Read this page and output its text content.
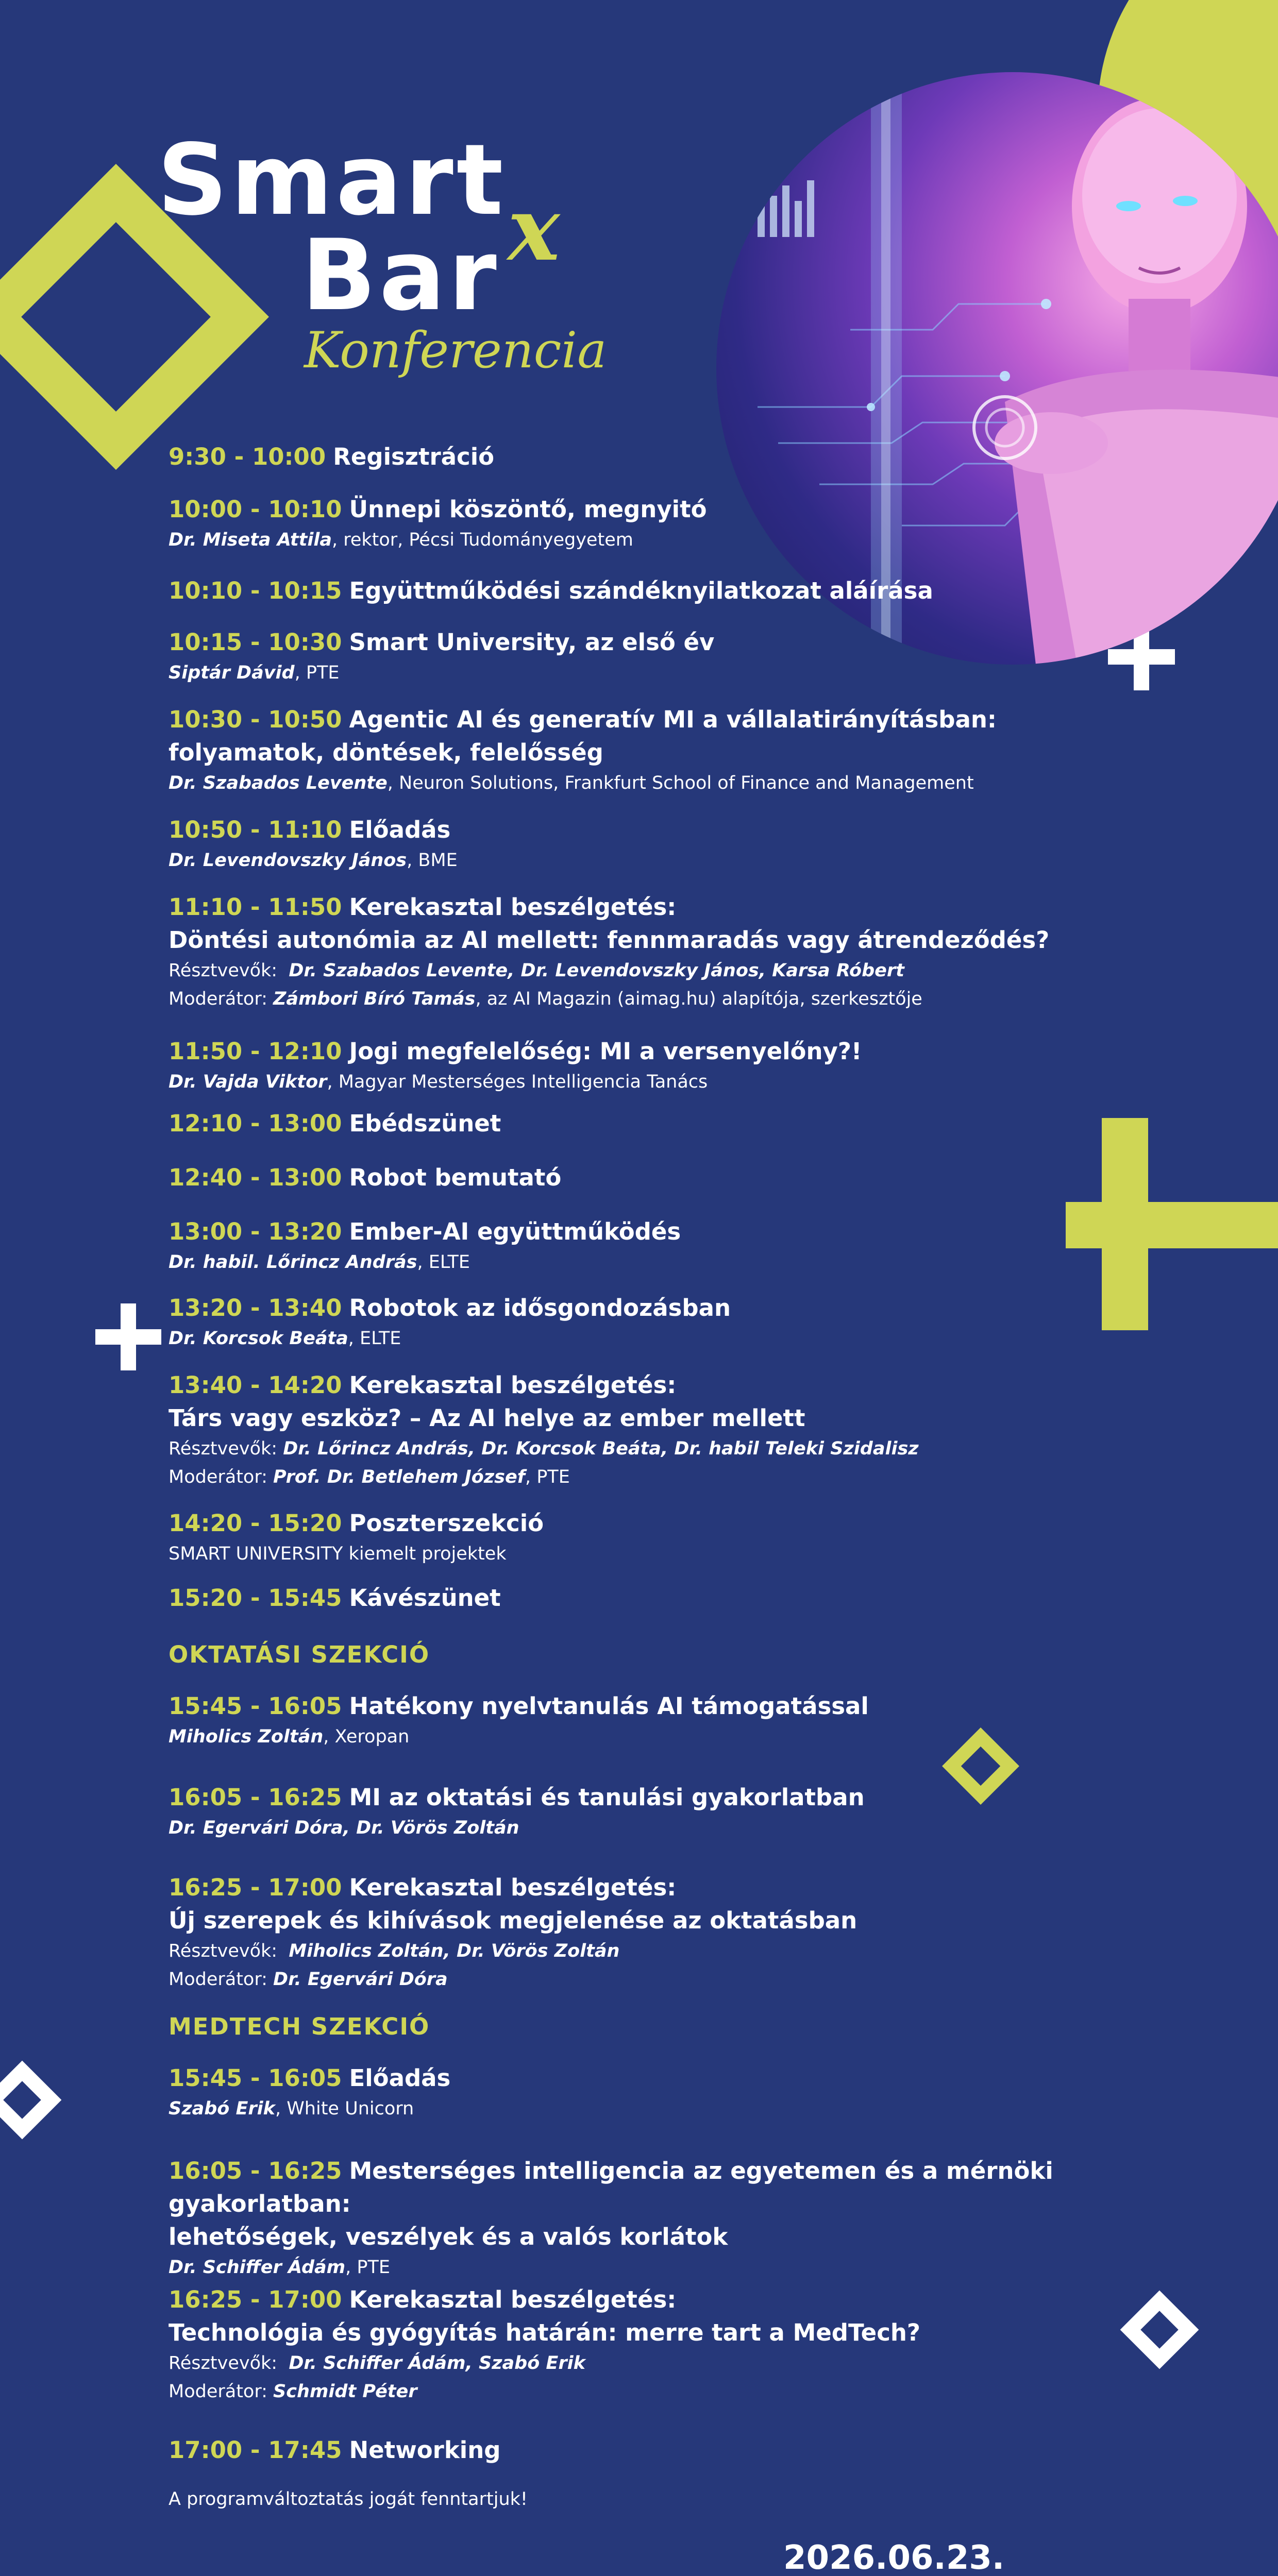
Smart
Bar x
Konferencia
9:30 - 10:00 Regisztráció
10:00 - 10:10 Ünnepi köszöntő, megnyitó
Dr. Miseta Attila, rektor, Pécsi Tudományegyetem
10:10 - 10:15 Együttműködési szándéknyilatkozat aláírása
10:15 - 10:30 Smart University, az első év
Siptár Dávid, PTE
10:30 - 10:50 Agentic AI és generatív MI a vállalatirányításban:
folyamatok, döntések, felelősség
Dr. Szabados Levente, Neuron Solutions, Frankfurt School of Finance and Management
10:50 - 11:10 Előadás
Dr. Levendovszky János, BME
11:10 - 11:50 Kerekasztal beszélgetés:
Döntési autonómia az AI mellett: fennmaradás vagy átrendeződés?
Résztvevők: Dr. Szabados Levente, Dr. Levendovszky János, Karsa Róbert
Moderátor: Zámbori Bíró Tamás, az AI Magazin (aimag.hu) alapítója, szerkesztője
11:50 - 12:10 Jogi megfelelőség: MI a versenyelőny?!
Dr. Vajda Viktor, Magyar Mesterséges Intelligencia Tanács
12:10 - 13:00 Ebédszünet
12:40 - 13:00 Robot bemutató
13:00 - 13:20 Ember-AI együttműködés
Dr. habil. Lőrincz András, ELTE
13:20 - 13:40 Robotok az idősgondozásban
Dr. Korcsok Beáta, ELTE
13:40 - 14:20 Kerekasztal beszélgetés:
Társ vagy eszköz? – Az AI helye az ember mellett
Résztvevők: Dr. Lőrincz András, Dr. Korcsok Beáta, Dr. habil Teleki Szidalisz
Moderátor: Prof. Dr. Betlehem József, PTE
14:20 - 15:20 Poszterszekció
SMART UNIVERSITY kiemelt projektek
15:20 - 15:45 Kávészünet
OKTATÁSI SZEKCIÓ
15:45 - 16:05 Hatékony nyelvtanulás AI támogatással
Miholics Zoltán, Xeropan
16:05 - 16:25 MI az oktatási és tanulási gyakorlatban
Dr. Egervári Dóra, Dr. Vörös Zoltán
16:25 - 17:00 Kerekasztal beszélgetés:
Új szerepek és kihívások megjelenése az oktatásban
Résztvevők: Miholics Zoltán, Dr. Vörös Zoltán
Moderátor: Dr. Egervári Dóra
MEDTECH SZEKCIÓ
15:45 - 16:05 Előadás
Szabó Erik, White Unicorn
16:05 - 16:25 Mesterséges intelligencia az egyetemen és a mérnöki gyakorlatban:
lehetőségek, veszélyek és a valós korlátok
Dr. Schiffer Ádám, PTE
16:25 - 17:00 Kerekasztal beszélgetés:
Technológia és gyógyítás határán: merre tart a MedTech?
Résztvevők: Dr. Schiffer Ádám, Szabó Erik
Moderátor: Schmidt Péter
17:00 - 17:45 Networking
A programváltoztatás jogát fenntartjuk!
2026.06.23.
